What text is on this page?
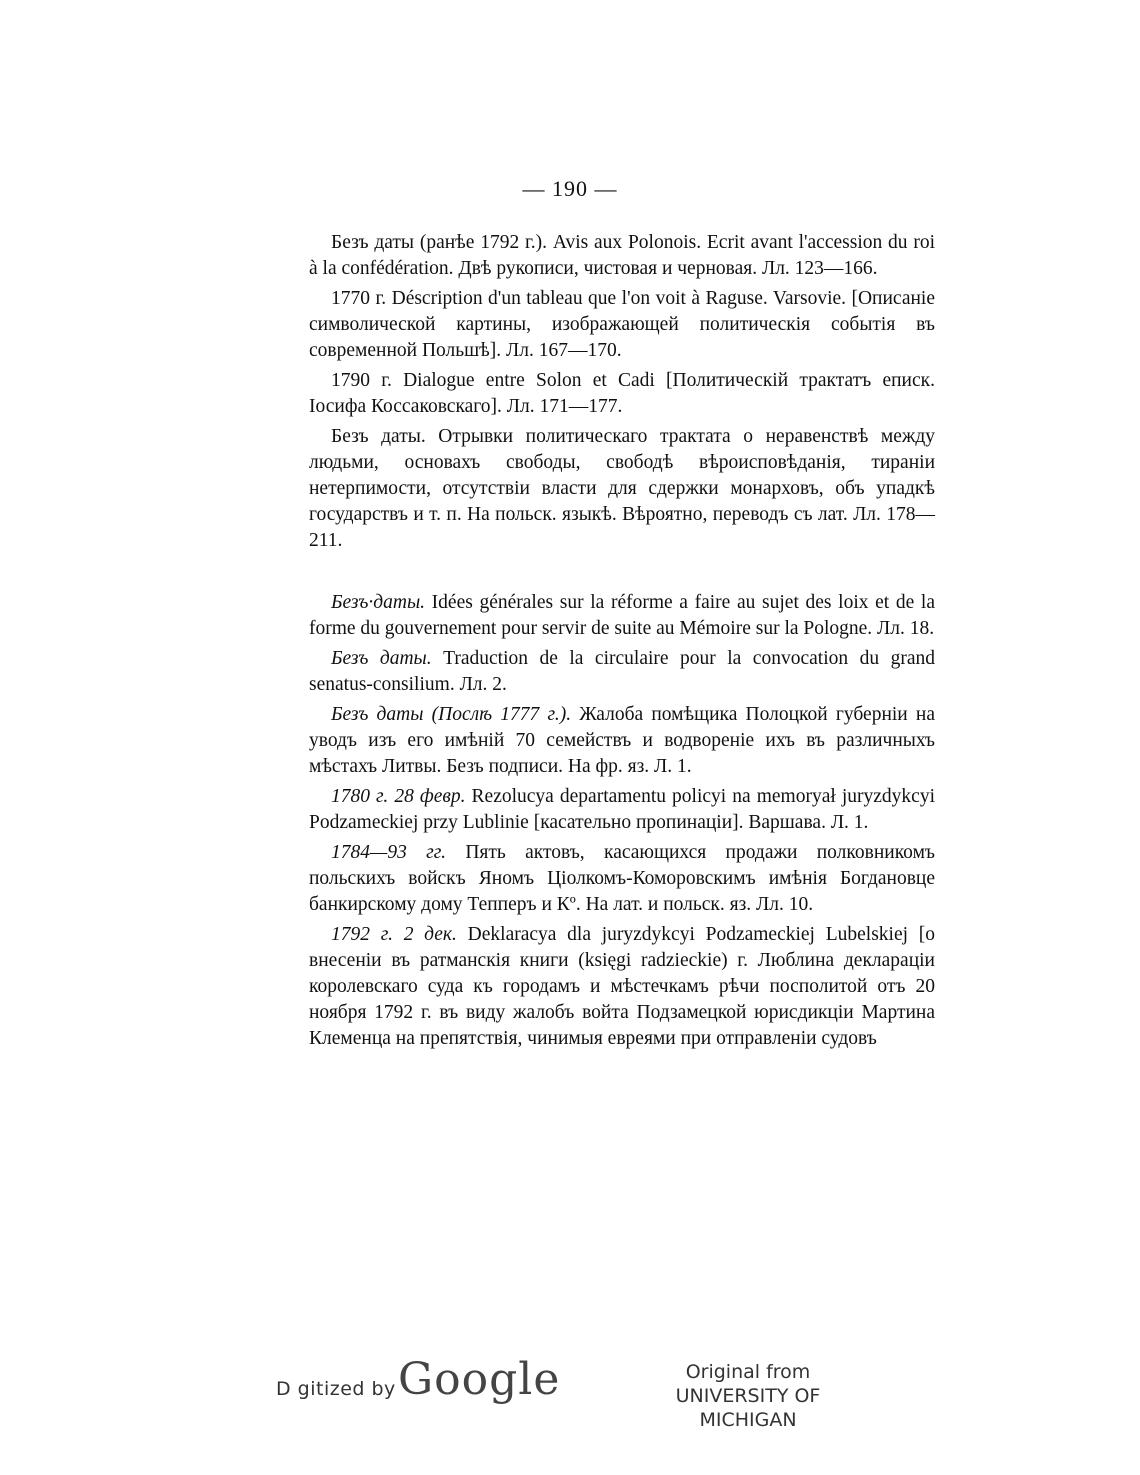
— 190 —

Безъ даты (ранѣе 1792 г.). Avis aux Polonois. Ecrit avant l'accession du roi à la confédération. Двѣ рукописи, чистовая и черновая. Лл. 123—166.

1770 г. Déscription d'un tableau que l'on voit à Raguse. Varsovie. [Описаніе символической картины, изображающей политическія событія въ современной Польшѣ]. Лл. 167—170.

1790 г. Dialogue entre Solon et Cadi [Политическій трактатъ еписк. Іосифа Коссаковскаго]. Лл. 171—177.

Безъ даты. Отрывки политическаго трактата о неравенствѣ между людьми, основахъ свободы, свободѣ вѣроисповѣданія, тираніи нетерпимости, отсутствіи власти для сдержки монарховъ, объ упадкѣ государствъ и т. п. На польск. языкѣ. Вѣроятно, переводъ съ лат. Лл. 178—211.

Безъ·даты. Idées générales sur la réforme a faire au sujet des loix et de la forme du gouvernement pour servir de suite au Mémoire sur la Pologne. Лл. 18.

Безъ даты. Traduction de la circulaire pour la convocation du grand senatus-consilium. Лл. 2.

Безъ даты (Послѣ 1777 г.). Жалоба помѣщика Полоцкой губерніи на уводъ изъ его имѣній 70 семействъ и водвореніе ихъ въ различныхъ мѣстахъ Литвы. Безъ подписи. На фр. яз. Л. 1.

1780 г. 28 февр. Rezolucya departamentu policyi na memoryał juryzdykcyi Podzameckiej przy Lublinie [касательно пропинаціи]. Варшава. Л. 1.

1784—93 гг. Пять актовъ, касающихся продажи полковникомъ польскихъ войскъ Яномъ Ціолкомъ-Коморовскимъ имѣнія Богдановце банкирскому дому Тепперъ и Кº. На лат. и польск. яз. Лл. 10.

1792 г. 2 дек. Deklaracya dla juryzdykcyi Podzameckiej Lubelskiej [о внесеніи въ ратманскія книги (księgi radzieckie) г. Люблина деклараціи королевскаго суда къ городамъ и мѣстечкамъ рѣчи посполитой отъ 20 ноября 1792 г. въ виду жалобъ войта Подзамецкой юрисдикціи Мартина Клеменца на препятствія, чинимыя евреями при отправленіи судовъ

D gitized by Google	Original from
UNIVERSITY OF MICHIGAN
